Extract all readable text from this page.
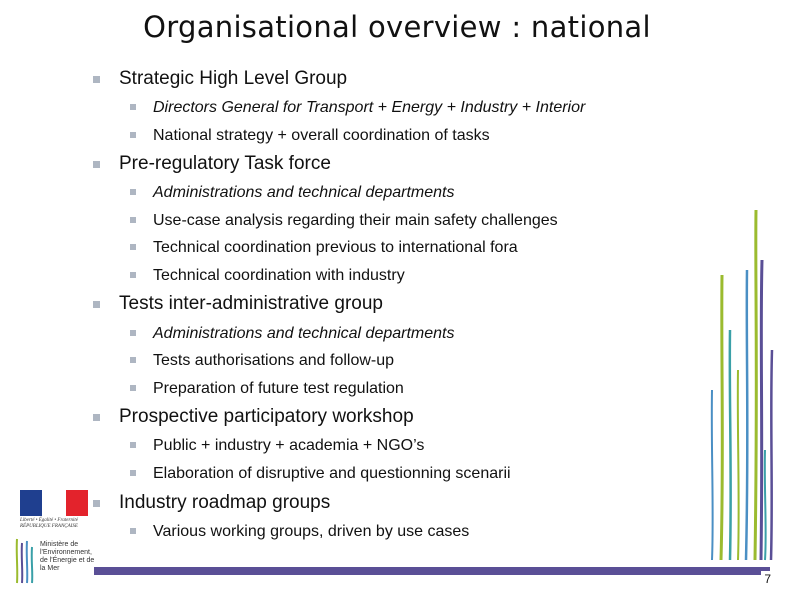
Organisational overview : national
Strategic High Level Group
Directors General for Transport + Energy + Industry + Interior
National strategy + overall coordination of tasks
Pre-regulatory Task force
Administrations and technical departments
Use-case analysis regarding their main safety challenges
Technical coordination previous to international fora
Technical coordination with industry
Tests inter-administrative group
Administrations and technical departments
Tests authorisations and follow-up
Preparation of future test regulation
Prospective participatory workshop
Public + industry + academia + NGO’s
Elaboration of disruptive and questionning scenarii
Industry roadmap groups
Various working groups, driven by use cases
7
Liberté • Égalité • Fraternité RÉPUBLIQUE FRANÇAISE
Ministère de l'Environnement, de l'Énergie et de la Mer
